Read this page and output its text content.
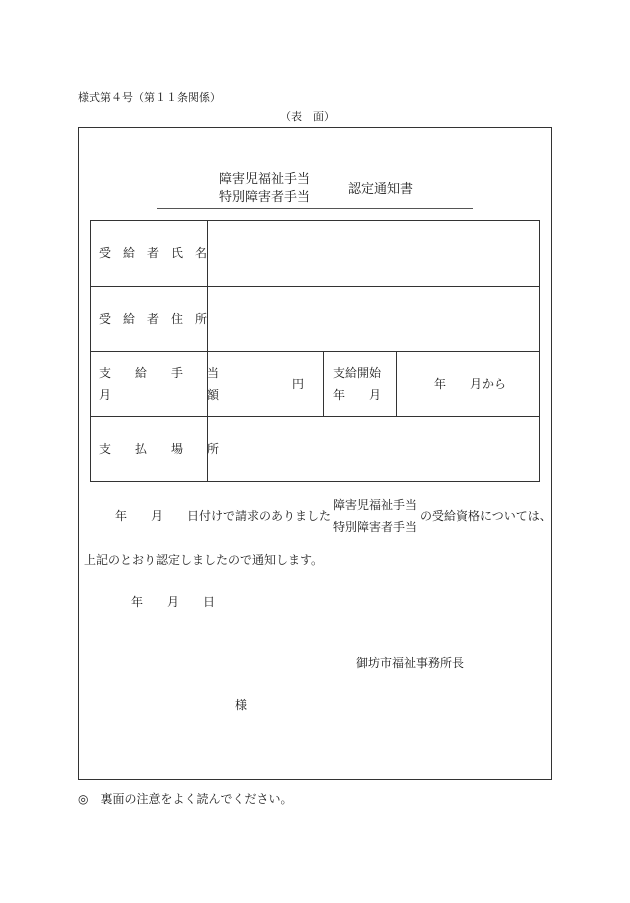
様式第４号（第１１条関係）
（表　面）
障害児福祉手当
特別障害者手当
認定通知書
受　給　者　氏　名
受　給　者　住　所
支　　給　　手　　当
月　　　　　　　　額
円
支給開始
年　　月
年　　月から
支　　払　　場　　所
年　　月　　日付けで請求のありました
障害児福祉手当
特別障害者手当
の受給資格については、
上記のとおり認定しましたので通知します。
年　　月　　日
御坊市福祉事務所長
様
◎　裏面の注意をよく読んでください。
